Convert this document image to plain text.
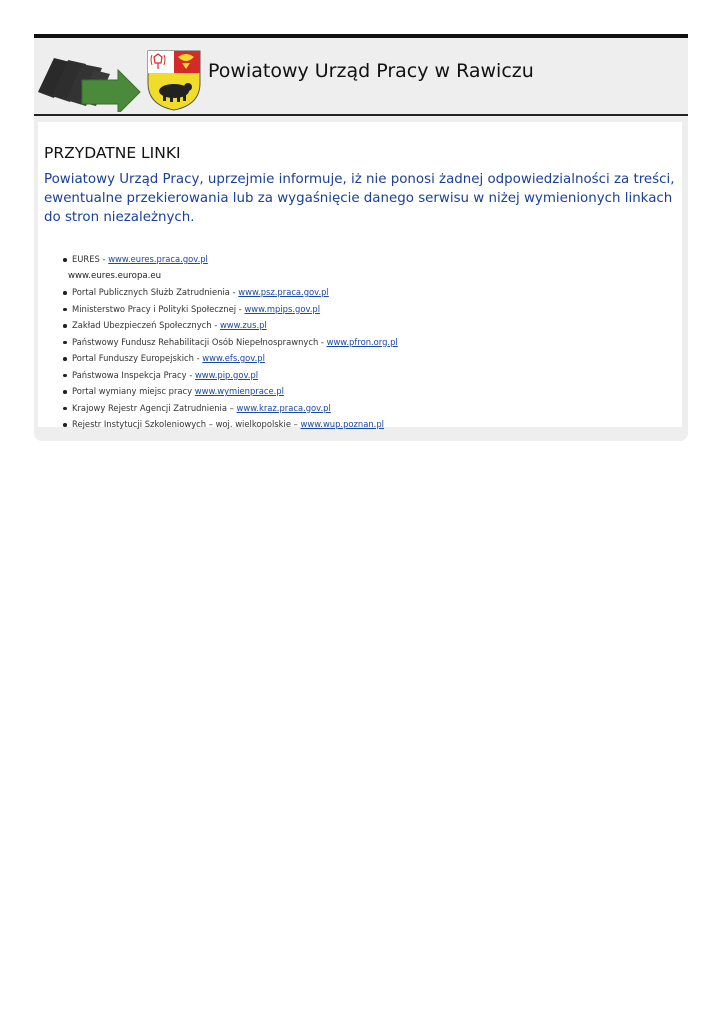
Powiatowy Urząd Pracy w Rawiczu
PRZYDATNE LINKI

Powiatowy Urząd Pracy, uprzejmie informuje, iż nie ponosi żadnej odpowiedzialności za treści, ewentualne przekierowania lub za wygaśnięcie danego serwisu w niżej wymienionych linkach do stron niezależnych.

EURES - www.eures.praca.gov.pl
www.eures.europa.eu
Portal Publicznych Służb Zatrudnienia - www.psz.praca.gov.pl
Ministerstwo Pracy i Polityki Społecznej - www.mpips.gov.pl
Zakład Ubezpieczeń Społecznych - www.zus.pl
Państwowy Fundusz Rehabilitacji Osób Niepełnosprawnych - www.pfron.org.pl
Portal Funduszy Europejskich - www.efs.gov.pl
Państwowa Inspekcja Pracy - www.pip.gov.pl
Portal wymiany miejsc pracy www.wymienprace.pl
Krajowy Rejestr Agencji Zatrudnienia – www.kraz.praca.gov.pl
Rejestr Instytucji Szkoleniowych – woj. wielkopolskie – www.wup.poznan.pl
